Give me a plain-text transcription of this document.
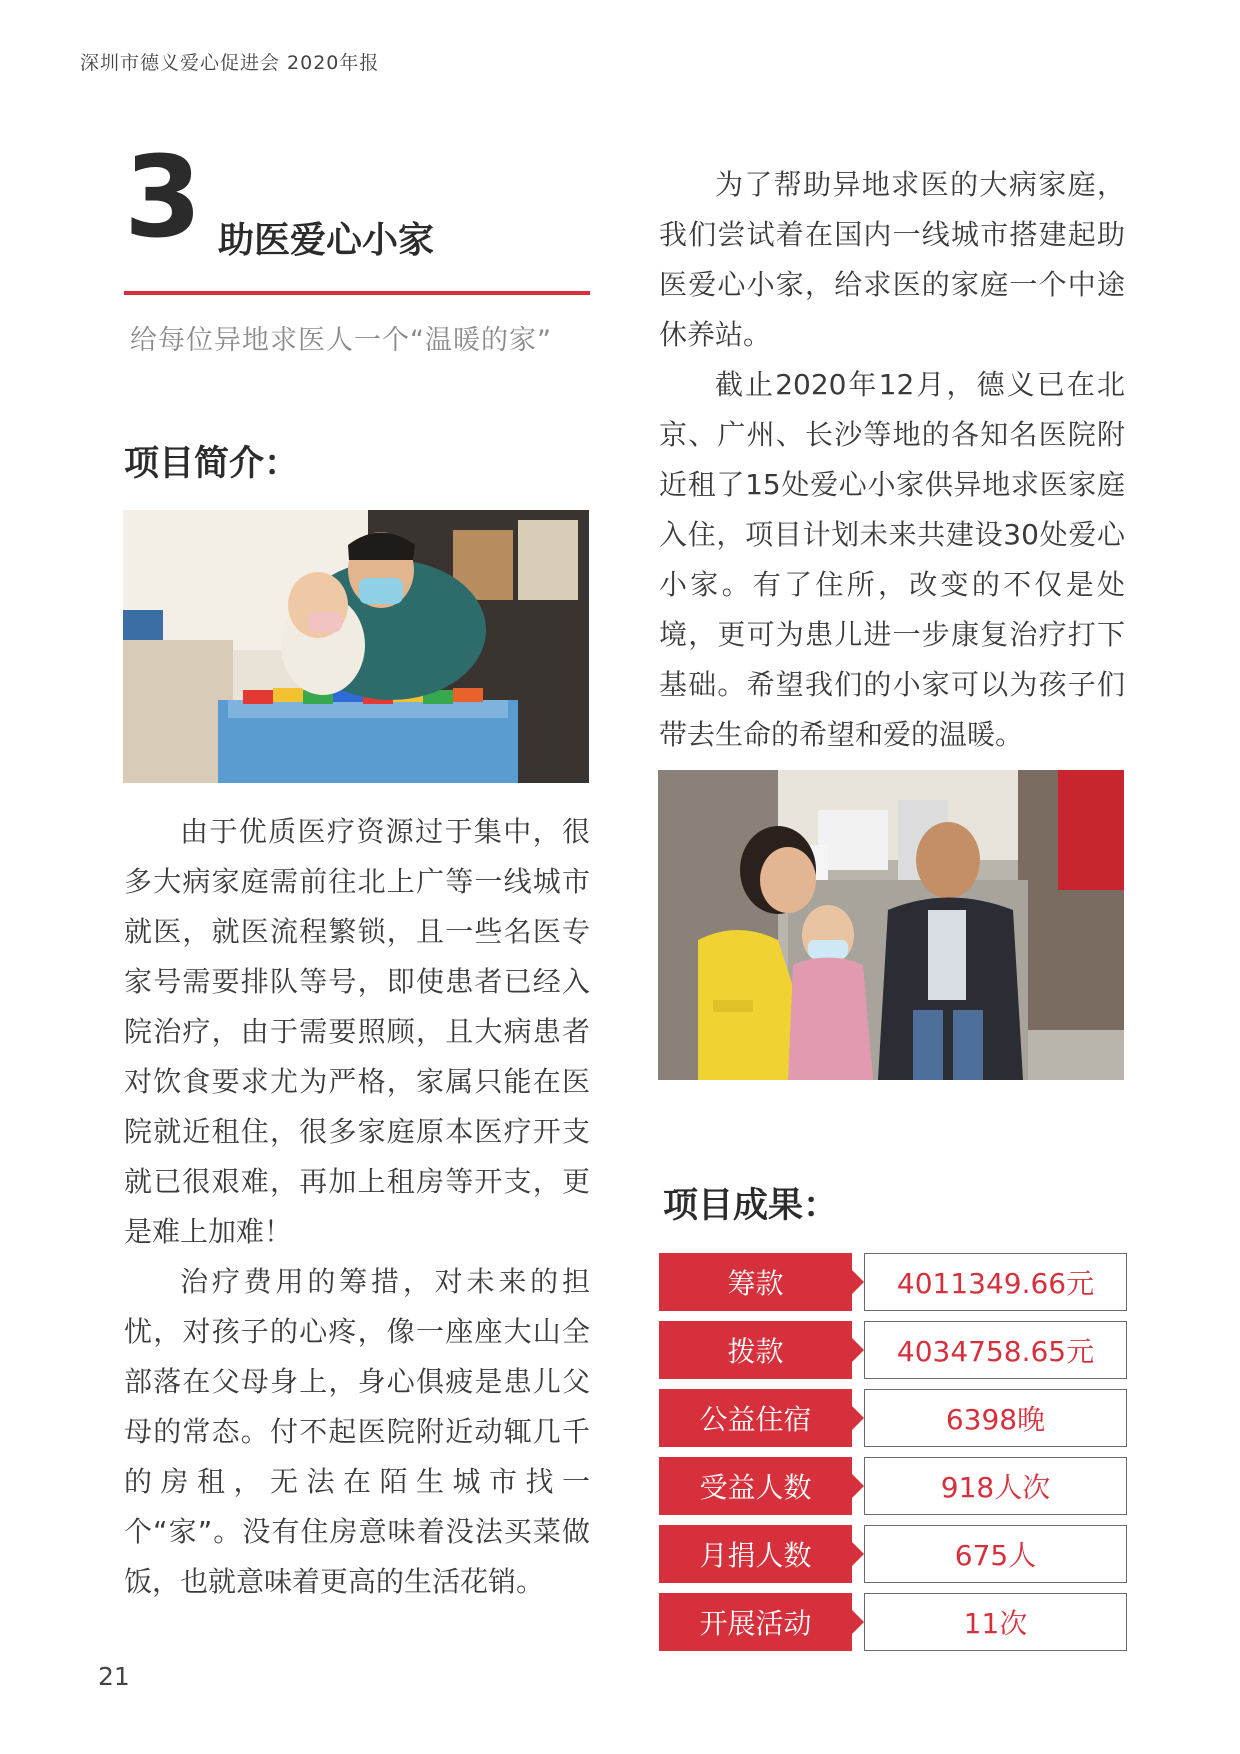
深圳市德义爱心促进会 2020年报
3 助医爱心小家
给每位异地求医人一个“温暖的家”
项目简介：

由于优质医疗资源过于集中，很多大病家庭需前往北上广等一线城市就医，就医流程繁锁，且一些名医专家号需要排队等号，即使患者已经入院治疗，由于需要照顾，且大病患者对饮食要求尤为严格，家属只能在医院就近租住，很多家庭原本医疗开支就已很艰难，再加上租房等开支，更是难上加难！

治疗费用的筹措，对未来的担忧，对孩子的心疼，像一座座大山全部落在父母身上，身心俱疲是患儿父母的常态。付不起医院附近动辄几千的房租，无法在陌生城市找一个“家”。没有住房意味着没法买菜做饭，也就意味着更高的生活花销。

为了帮助异地求医的大病家庭，我们尝试着在国内一线城市搭建起助医爱心小家，给求医的家庭一个中途休养站。

截止2020年12月，德义已在北京、广州、长沙等地的各知名医院附近租了15处爱心小家供异地求医家庭入住，项目计划未来共建设30处爱心小家。有了住所，改变的不仅是处境，更可为患儿进一步康复治疗打下基础。希望我们的小家可以为孩子们带去生命的希望和爱的温暖。

项目成果：
筹款	4011349.66元
拨款	4034758.65元
公益住宿	6398晚
受益人数	918人次
月捐人数	675人
开展活动	11次
21
